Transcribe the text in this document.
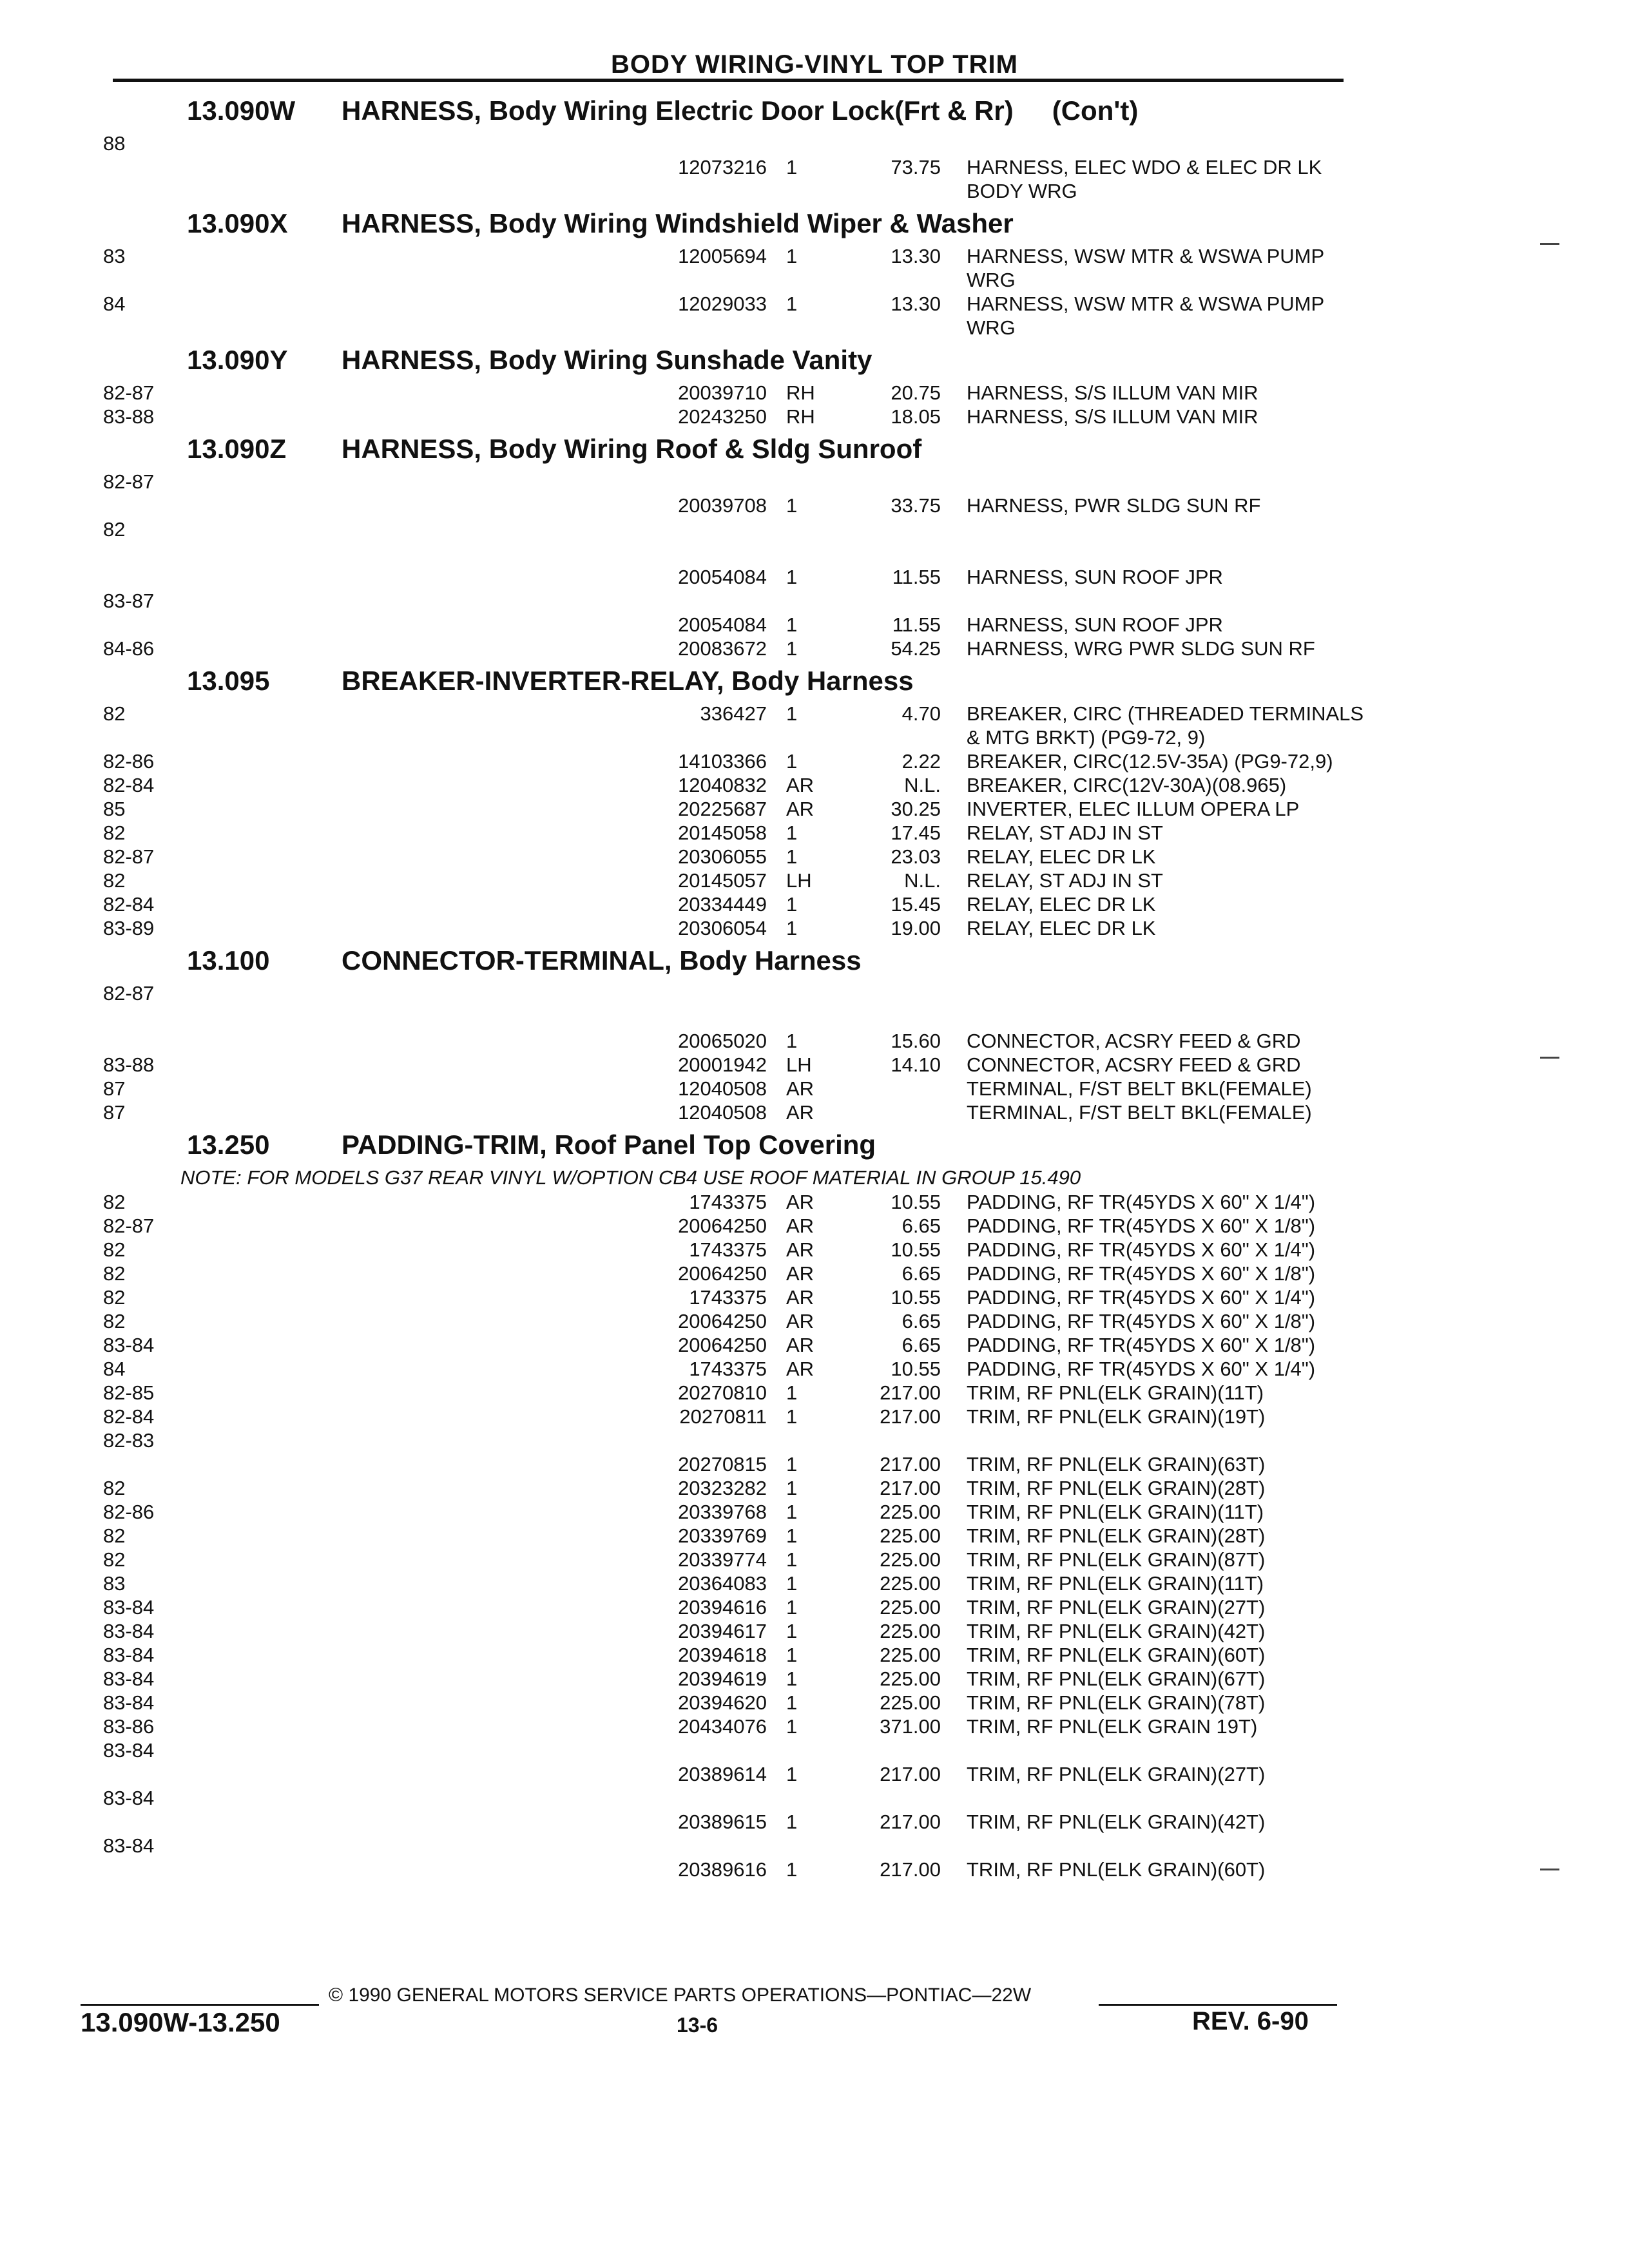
BODY WIRING-VINYL TOP TRIM
13.090W HARNESS, Body Wiring Electric Door Lock(Frt & Rr) (Con't)
88
12073216 1	73.75 HARNESS, ELEC WDO & ELEC DR LK
BODY WRG
13.090X HARNESS, Body Wiring Windshield Wiper & Washer
83	12005694 1	13.30 HARNESS, WSW MTR & WSWA PUMP
WRG
84	12029033 1	13.30 HARNESS, WSW MTR & WSWA PUMP
WRG
13.090Y HARNESS, Body Wiring Sunshade Vanity
82-87	20039710 RH	20.75 HARNESS, S/S ILLUM VAN MIR
83-88	20243250 RH	18.05 HARNESS, S/S ILLUM VAN MIR
13.090Z HARNESS, Body Wiring Roof & Sldg Sunroof
82-87
20039708 1	33.75 HARNESS, PWR SLDG SUN RF
82
20054084 1	11.55 HARNESS, SUN ROOF JPR
83-87
20054084 1	11.55 HARNESS, SUN ROOF JPR
84-86	20083672 1	54.25 HARNESS, WRG PWR SLDG SUN RF
13.095	BREAKER-INVERTER-RELAY, Body Harness
82	336427 1	4.70 BREAKER, CIRC (THREADED TERMINALS
& MTG BRKT) (PG9-72, 9)
82-86	14103366 1	2.22 BREAKER, CIRC(12.5V-35A) (PG9-72,9)
82-84	12040832 AR	N.L. BREAKER, CIRC(12V-30A)(08.965)
85	20225687 AR	30.25 INVERTER, ELEC ILLUM OPERA LP
82	20145058 1	17.45 RELAY, ST ADJ IN ST
82-87	20306055 1	23.03 RELAY, ELEC DR LK
82	20145057 LH	N.L. RELAY, ST ADJ IN ST
82-84	20334449 1	15.45 RELAY, ELEC DR LK
83-89	20306054 1	19.00 RELAY, ELEC DR LK
13.100	CONNECTOR-TERMINAL, Body Harness
82-87
20065020 1	15.60 CONNECTOR, ACSRY FEED & GRD
83-88	20001942 LH	14.10 CONNECTOR, ACSRY FEED & GRD
87	12040508 AR	TERMINAL, F/ST BELT BKL(FEMALE)
87	12040508 AR	TERMINAL, F/ST BELT BKL(FEMALE)
13.250	PADDING-TRIM, Roof Panel Top Covering
NOTE: FOR MODELS G37 REAR VINYL W/OPTION CB4 USE ROOF MATERIAL IN GROUP 15.490
82	1743375 AR	10.55 PADDING, RF TR(45YDS X 60" X 1/4")
82-87	20064250 AR	6.65 PADDING, RF TR(45YDS X 60" X 1/8")
82	1743375 AR	10.55 PADDING, RF TR(45YDS X 60" X 1/4")
82	20064250 AR	6.65 PADDING, RF TR(45YDS X 60" X 1/8")
82	1743375 AR	10.55 PADDING, RF TR(45YDS X 60" X 1/4")
82	20064250 AR	6.65 PADDING, RF TR(45YDS X 60" X 1/8")
83-84	20064250 AR	6.65 PADDING, RF TR(45YDS X 60" X 1/8")
84	1743375 AR	10.55 PADDING, RF TR(45YDS X 60" X 1/4")
82-85	20270810 1	217.00 TRIM, RF PNL(ELK GRAIN)(11T)
82-84	20270811 1	217.00 TRIM, RF PNL(ELK GRAIN)(19T)
82-83
20270815 1	217.00 TRIM, RF PNL(ELK GRAIN)(63T)
82	20323282 1	217.00 TRIM, RF PNL(ELK GRAIN)(28T)
82-86	20339768 1	225.00 TRIM, RF PNL(ELK GRAIN)(11T)
82	20339769 1	225.00 TRIM, RF PNL(ELK GRAIN)(28T)
82	20339774 1	225.00 TRIM, RF PNL(ELK GRAIN)(87T)
83	20364083 1	225.00 TRIM, RF PNL(ELK GRAIN)(11T)
83-84	20394616 1	225.00 TRIM, RF PNL(ELK GRAIN)(27T)
83-84	20394617 1	225.00 TRIM, RF PNL(ELK GRAIN)(42T)
83-84	20394618 1	225.00 TRIM, RF PNL(ELK GRAIN)(60T)
83-84	20394619 1	225.00 TRIM, RF PNL(ELK GRAIN)(67T)
83-84	20394620 1	225.00 TRIM, RF PNL(ELK GRAIN)(78T)
83-86	20434076 1	371.00 TRIM, RF PNL(ELK GRAIN 19T)
83-84
20389614 1	217.00 TRIM, RF PNL(ELK GRAIN)(27T)
83-84
20389615 1	217.00 TRIM, RF PNL(ELK GRAIN)(42T)
83-84
20389616 1	217.00 TRIM, RF PNL(ELK GRAIN)(60T)
© 1990 GENERAL MOTORS SERVICE PARTS OPERATIONS—PONTIAC—22W
13.090W-13.250	13-6	REV. 6-90
